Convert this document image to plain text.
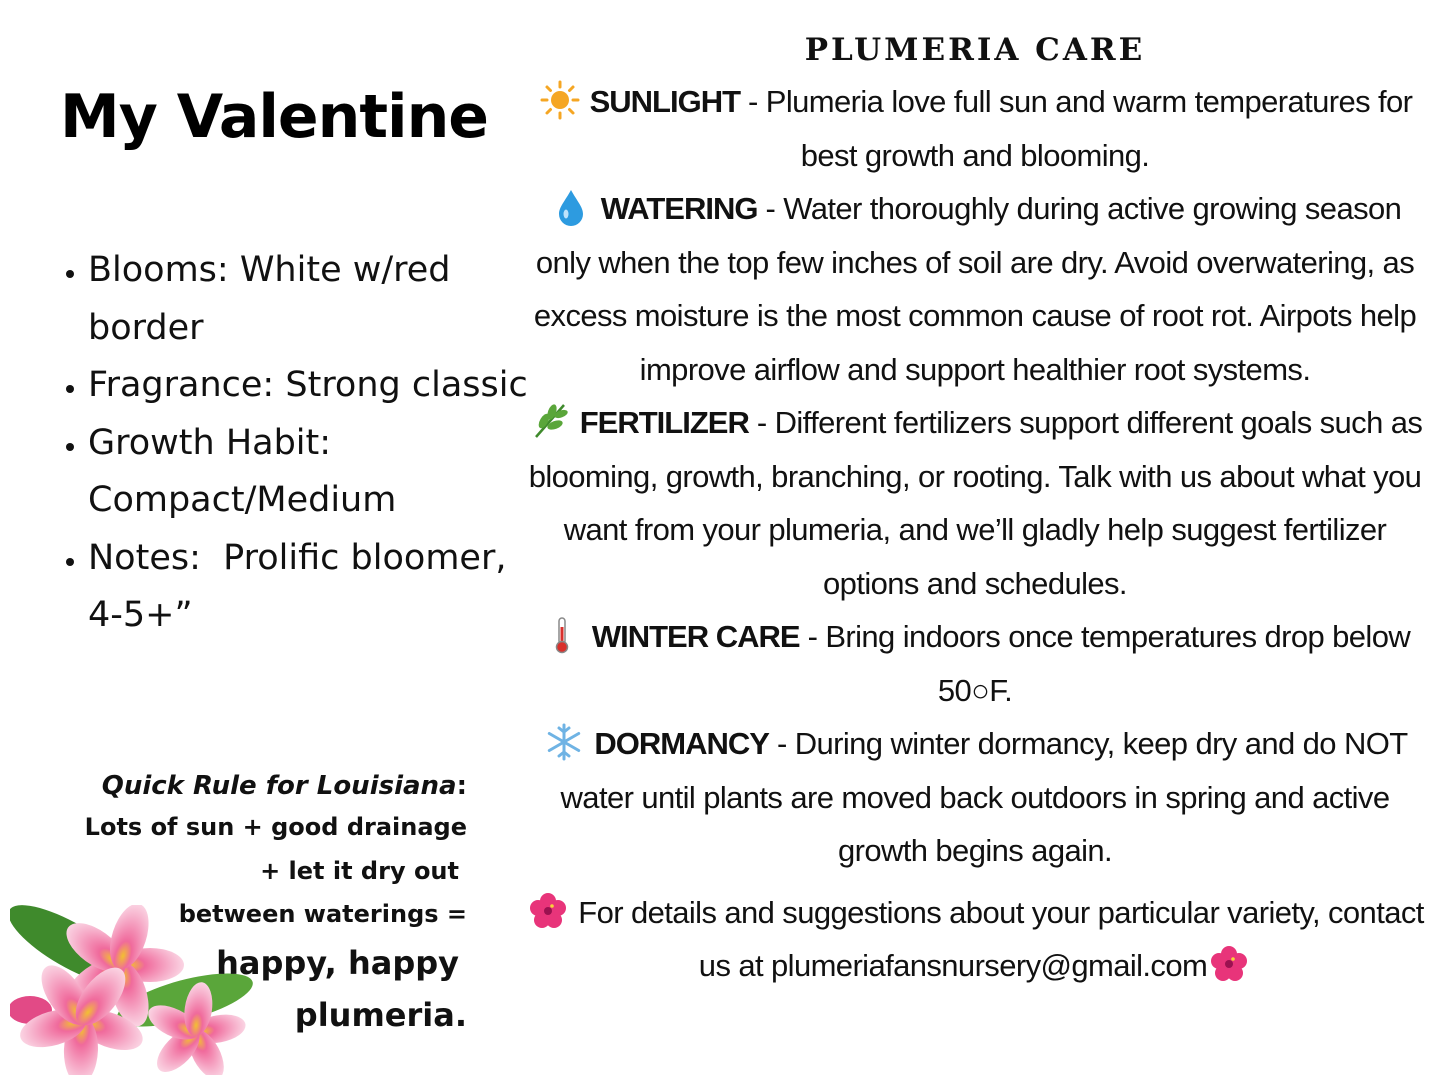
My Valentine
• Blooms: White w/red border
• Fragrance: Strong classic
• Growth Habit: Compact/Medium
• Notes:  Prolific bloomer, 4-5+”
Quick Rule for Louisiana:
Lots of sun + good drainage
+ let it dry out
between waterings =
happy, happy
plumeria.
PLUMERIA CARE

SUNLIGHT - Plumeria love full sun and warm temperatures for best growth and blooming.

WATERING - Water thoroughly during active growing season only when the top few inches of soil are dry. Avoid overwatering, as excess moisture is the most common cause of root rot. Airpots help improve airflow and support healthier root systems.

FERTILIZER - Different fertilizers support different goals such as blooming, growth, branching, or rooting. Talk with us about what you want from your plumeria, and we’ll gladly help suggest fertilizer options and schedules.

WINTER CARE - Bring indoors once temperatures drop below 50○F.

DORMANCY - During winter dormancy, keep dry and do NOT water until plants are moved back outdoors in spring and active growth begins again.

For details and suggestions about your particular variety, contact us at plumeriafansnursery@gmail.com
